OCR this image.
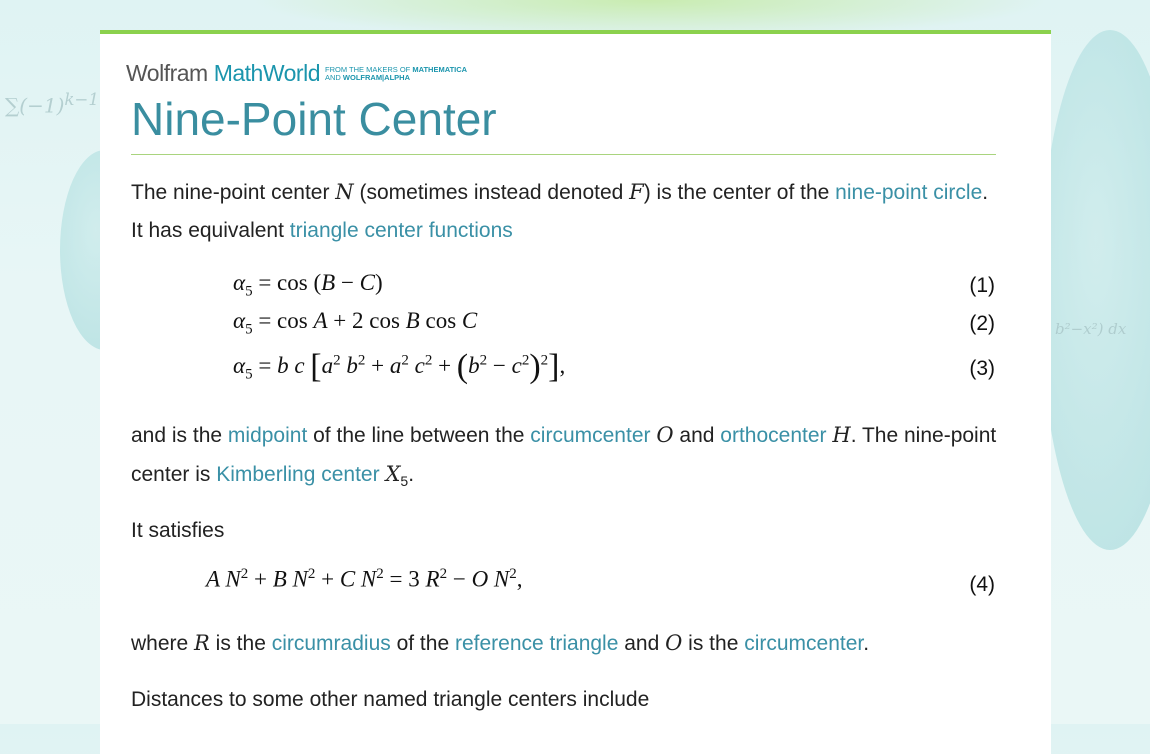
$\sum(-1)^{k-1}$
b²−x²) dx
Wolfram MathWorld FROM THE MAKERS OF MATHEMATICA
AND WOLFRAM|ALPHA
Nine-Point Center
The nine-point center N (sometimes instead denoted F) is the center of the nine-point circle. It has equivalent triangle center functions
$\alpha_5 = \cos (B - C)$	(1)
$\alpha_5 = \cos A + 2$ cos B cos C	(2)
$\alpha_5 = b$ c [$a^2$ $b^2 + a^2$ $c^2 + (b^2 - c^2)^2$],	(3)
A $N^2 + B$ $N^2 + C$ $N^2 = 3$ $R^2 - O$ $N^2$,	(4)
and is the midpoint of the line between the circumcenter O and orthocenter H. The nine-point center is Kimberling center $X_5$.
It satisfies
where R is the circumradius of the reference triangle and O is the circumcenter.
Distances to some other named triangle centers include
